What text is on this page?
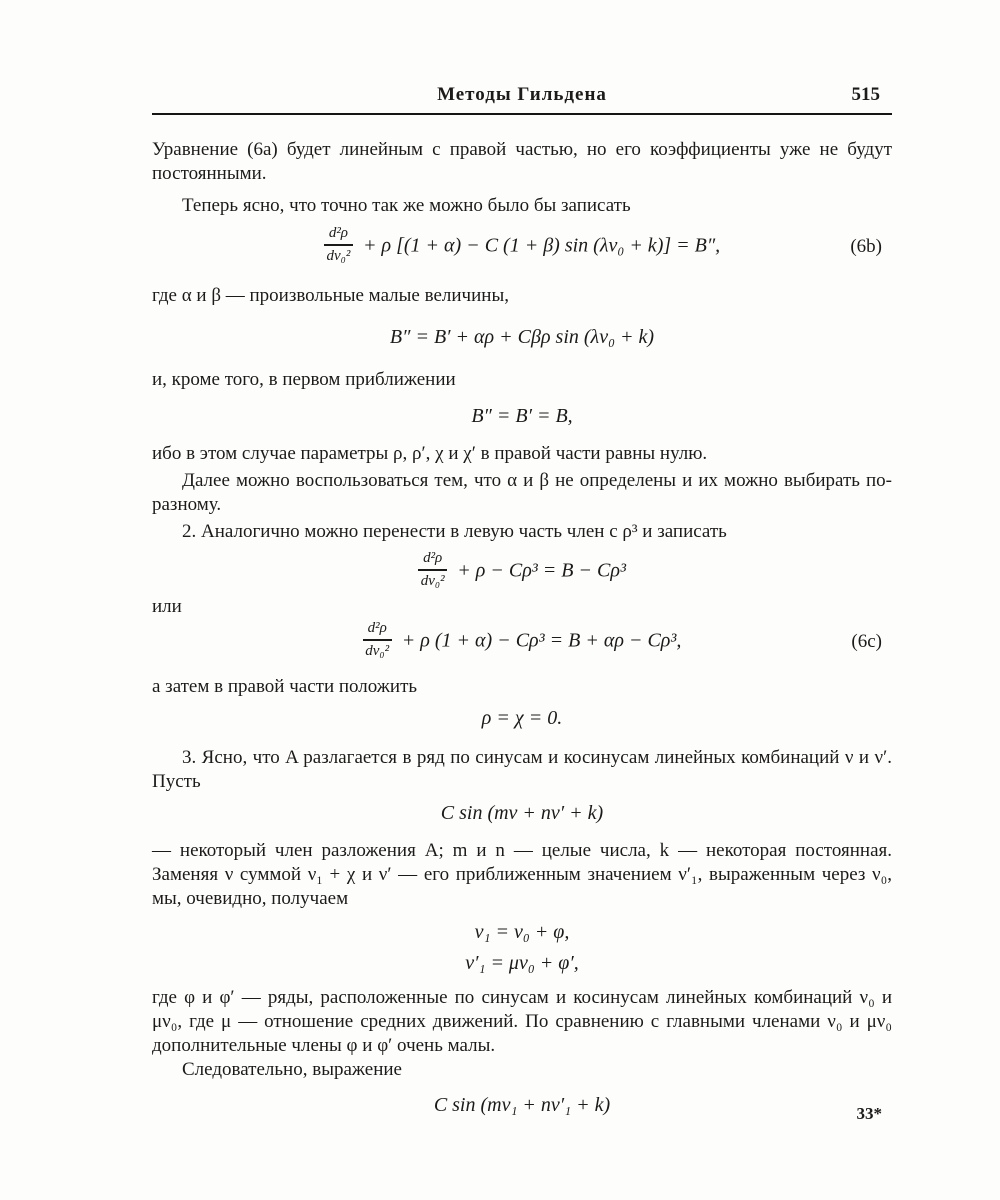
Методы Гильдена	515

Уравнение (6а) будет линейным с правой частью, но его коэффициенты уже не будут постоянными.

Теперь ясно, что точно так же можно было бы записать

$\frac{\text{d²ρ}}{\text{dν₀²}} + \rho$ [(1 + α) − C (1 + β) sin (λν₀ + k)] = B″,	(6b)

где α и β — произвольные малые величины,

B″ = B′ + αρ + Cβρ sin (λν₀ + k)

и, кроме того, в первом приближении

B″ = B′ = B,

ибо в этом случае параметры ρ, ρ′, χ и χ′ в правой части равны нулю.

Далее можно воспользоваться тем, что α и β не определены и их можно выбирать по-разному.

2. Аналогично можно перенести в левую часть член с ρ³ и записать

$\frac{\text{d²ρ}}{\text{dν₀²}} + \rho - C\rho^3 = B - C\rho^3$

или

$\frac{\text{d²ρ}}{\text{dν₀²}} + \rho$ (1 + α) − Cρ³ = B + αρ − Cρ³,	(6c)

а затем в правой части положить

ρ = χ = 0.

3. Ясно, что A разлагается в ряд по синусам и косинусам линейных комбинаций ν и ν′. Пусть

C sin (mν + nν′ + k)

— некоторый член разложения A; m и n — целые числа, k — некоторая постоянная. Заменяя ν суммой ν₁ + χ и ν′ — его приближенным значением ν′₁, выраженным через ν₀, мы, очевидно, получаем

ν₁ = ν₀ + φ,
ν′₁ = μν₀ + φ′,

где φ и φ′ — ряды, расположенные по синусам и косинусам линейных комбинаций ν₀ и μν₀, где μ — отношение средних движений. По сравнению с главными членами ν₀ и μν₀ дополнительные члены φ и φ′ очень малы.

Следовательно, выражение

C sin (mν₁ + nν′₁ + k)	33*
